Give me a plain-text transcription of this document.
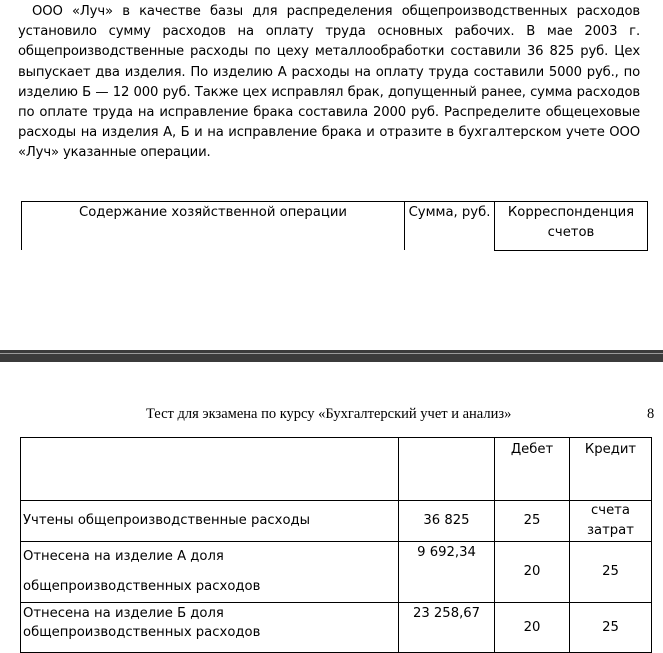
ООО «Луч» в качестве базы для распределения общепроизводственных расходов установило сумму расходов на оплату труда основных рабочих. В мае 2003 г. общепроизводственные расходы по цеху металлообработки составили 36 825 руб. Цех выпускает два изделия. По изделию А расходы на оплату труда составили 5000 руб., по изделию Б — 12 000 руб. Также цех исправлял брак, допущенный ранее, сумма расходов по оплате труда на исправление брака составила 2000 руб. Распределите общецеховые расходы на изделия А, Б и на исправление брака и отразите в бухгалтерском учете ООО «Луч» указанные операции.

Содержание хозяйственной операции	Сумма, руб.	Корреспонденция счетов
Тест для экзамена по курсу «Бухгалтерский учет и анализ»	8
		Дебет	Кредит
Учтены общепроизводственные расходы	36 825	25	счета затрат
Отнесена на изделие А доля общепроизводственных расходов	9 692,34	20	25
Отнесена на изделие Б доля общепроизводственных расходов	23 258,67	20	25
